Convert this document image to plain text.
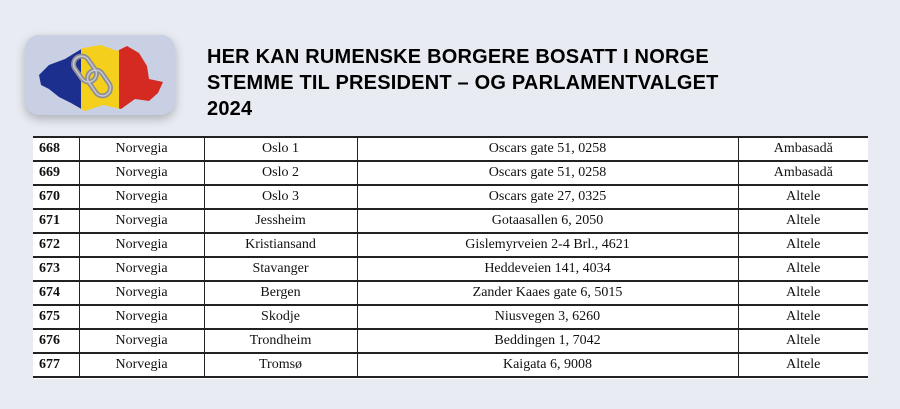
HER KAN RUMENSKE BORGERE BOSATT I NORGE
STEMME TIL PRESIDENT – OG PARLAMENTVALGET
2024
668	Norvegia	Oslo 1	Oscars gate 51, 0258	Ambasadă
669	Norvegia	Oslo 2	Oscars gate 51, 0258	Ambasadă
670	Norvegia	Oslo 3	Oscars gate 27, 0325	Altele
671	Norvegia	Jessheim	Gotaasallen 6, 2050	Altele
672	Norvegia	Kristiansand	Gislemyrveien 2-4 Brl., 4621	Altele
673	Norvegia	Stavanger	Heddeveien 141, 4034	Altele
674	Norvegia	Bergen	Zander Kaaes gate 6, 5015	Altele
675	Norvegia	Skodje	Niusvegen 3, 6260	Altele
676	Norvegia	Trondheim	Beddingen 1, 7042	Altele
677	Norvegia	Tromsø	Kaigata 6, 9008	Altele
